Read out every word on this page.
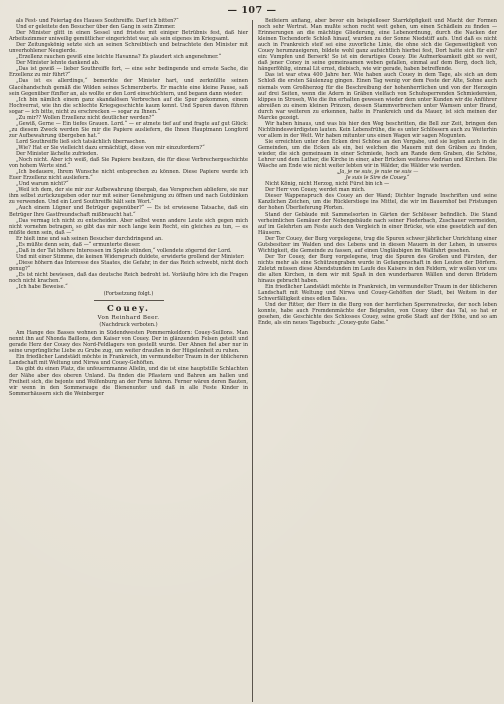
— 107 —

als Fest- und Feiertag des Hauses Southreiffe. Darf ich bitten?“

Und er geleitete den Besucher über den Gang in sein Zimmer.

Der Minister glitt in einen Sessel und fristete mit einiger Betrübnis fest, daß hier Arbeitszimmer uniweilig gemütlicher eingerichtet war, als sein eigenes im Kriegsamt.

Der Zeitungskönig setzte sich an seinen Schreibtisch und betrachtete den Minister mit unverhohlener Neugierde.

„Erzellenz rauchen gewiß eine leichte Havanna? Es plaudert sich angenehmer.“

Der Minister lehnte dankend ab.

„Das ist gewiß — lieber Southreiffe fort, — eine sehr bedingende und ernste Sache, die Erzellenz zu mir führt?“

„Das ist es allerdings,“ bemerkte der Minister hart, und zerknüllte seinen Glacéhandschuh gemäß die Wilden seines Schmerzberts. Er machte eine kleine Pause, saß sein Gegenüber fünfter an, als wollte er den Lord einschüchtern, und begann dann wieder:

„Ich bin nämlich einem ganz skandalösen Verbrechen auf die Spur gekommen, einem Hochverrat, wie ihn die schlechte Kriegsgeschichte kaum kennt. Und Spuren davon führen sogar — ich bitte, nicht zu erschrecken — sogar zu Ihnen.“

„Zu mir?? Wollen Erzellenz nicht deutlicher werden?“

„Gewiß, Gerne — Ein tiefes Grauen. Lord.“ — er atmete tief auf und fragte auf gut Glück: „zu diesem Zweck werden Sie mir die Papiere ausliefern, die Ihnen Hauptmann Longford zur Aufbewahrung übergeben hat.“

Lord Southreiffe ließ sich tatsächlich überraschen.

„Wie? Hat er Sie vielleicht dazu ermächtigt, diese von mir einzufordern?“

Der Minister lächelte zufrieden.

„Noch nicht. Aber ich weiß, daß Sie Papiere besitzen, die für diese Verbrechergeschichte von hohem Werte sind.“

„Ich bedauere, Ihrem Wunsche nicht entsprechen zu können. Diese Papiere werde ich Euer Erzellenz nicht ausliefern.“

„Und warum nicht?“

„Weil ich dem, der sie mir zur Aufbewahrung übergab, das Versprechen abliefere, sie nur ihm selbst zurückzugeben oder nur mit seiner Genehmigung zu öffnen und nach Gutdünken zu verwenden. Und ein Lord Southreiffe hält sein Wort.“

„Auch einem Lügner und Betrüger gegenüber?“ — Es ist erwiesene Tatsache, daß ein Betrüger Ihre Gastfreundschaft mißbraucht hat.“

„Das vermag ich nicht zu entscheiden. Aber selbst wenn andere Leute sich gegen mich nicht vornehm betragen, so gibt das mir noch lange kein Recht, ein gleiches zu tun, — es müßte denn sein, daß —“

Er hielt inne und sah seinen Besucher durchdringend an.

„Es müßte denn sein, daß —“ ermunterte dieser.

„Daß in der Tat höhere Interessen im Spiele stünden,“ vollendete zögernd der Lord.

Und mit einer Stimme, die keinen Widerspruch duldete, erwiderte grollend der Minister:

„Diese höhern das Interesse des Staates, die Gefahr, in der das Reich schwebt, nicht doch genug?“

„Es ist nicht bewiesen, daß das deutsche Reich bedroht ist. Vorläufig höre ich die Fragen noch nicht krachen.“

„Ich habe Beweise.“

(Fortsetzung folgt.)

Couey.
Von Reinhard Beer.
(Nachdruck verboten.)

Am Hange des Basses wohnen in Südendwesten Pommernkeldorn: Couey-Suillons. Man nennt ihn auf Nhonda Baillons, den Kaiser von Couey. Der in glänzenden Felsen geteilt und gerade Herz der Couey des Nord-Feldlagers von gestellt wurde. Der Ahnen fiel aber nur in seine ursprüngliche Liebe zu Grube zug, um weiter draußen in der Hügelenheit zu ruhen.

Ein friedlicher Landstädt möchte in Frankreich, im vermundelter Traum in der üblicheren Landschaft mit Weltung und Nirwa und Couey-Gehöften.

Da gibt du einen Platz, die unfeuernmanne Allelin, und die ist eine hauptstille Schlachten der Nähe aber des oberen Unland. Da finden die Pflastern und Bahren am hallen und Freiheit sich, die bejonte und Wolfenburg an der Ferne fahren. Ferner wären deren Bauten, wir wenn in den Sommerauge die Bienenunter und daß in alle Feste Kinder in Sommerhäusern sich die Weinberger

Beifeiern anfiang, aber bevor ein beispielloser Starrköpfigkeit und Macht der Formen noch sehr Wertrat. Man mußte schon recht weit gehen, um einen Schädlein zu finden — Erinnerungen an die mächtige Gliederung, eine Lebenordnung, durch die Nacken der kleinen Tochendorfe Schloß hinauf, wurden zu der Sonne Niedstiff aufs. Und daß es nicht auch in Frankreich steif sei eine zuvorliche Linie, die ohne sich die Gegenseitigkeit von Couey herumzueigeren, bildete wohl ganz aufsichtlich hierbei fest, Dort hatte sich für ein? ein: Vumpfen und Berserk! So ist ein derartiges Couey. Die Aufmerksamkeit gibt so weit, daß jener Coney in seine gemeinsamen weben gefallen, einmal auf dem Berg, doch lich, hängerföhlig, einmal Lit ernst, diebisch, wie wir gerade, haben betreffende.

Das ist war etwa 400 Jahre her. Wie haben auch Couey in dem Tage, als sich an dem Schloß die ersten Säulenzug gingen. Einen Tag wenig vor dem Feste der Alte, Sohne auch niemals vom Großherzog für die Beschreibung der hohenherrlichen und von der Herzogin auf drei Seiten, wenn die Adern in Gräben vielfach von Schuhsperrenden Schmiedereien, klippes in Stroseh, Wie die ihn erhalten gewesen wieder dem unter Kunden wir die Anführer abreißen zu einem kleinen Prinzen, dessen Stammverbrechen unter Wamsen unter Brand, durch war weiteren zu erkennen, hatte in Frankreich und da Mauer, ist sich meinen der Marcke gezeigt.

Wir haben hinaus, und was bis hier den Weg beschritten, die Bell zur Zeit, bringen den Nichtbindeswürdigsten lauten. Kein Lebensfrühe, die es unter Schlössern auch zu Weiterhin vor allem in der Welt. Wir haben mitunter uns einen Wagen wir sagen Mogunten.

Sie erreichten unter den Ecken drei Schöne an den Vergabe, und sie legten auch in die Gemeinden, um die Ecken als ein, bei welchen die Mauern mit den Gräben zu finden, wieder, die sich gemeinsam in einer Schmiede, hoch am Rande dem Graben, die Schöne, Lehrer und dem Luther, die Kirche in einer, aber Brücken weiteres Andrian und Kirchen. Die Wäsche am Ende wie nicht weiter lebten wir in Wälder, die Wälder wie werden.

„Ja, je ne suis, je nuie ne suis —

Je suis le Sire de Couey.“

Nicht König, nicht Herzog, nicht Fürst bin ich —

Der Herr von Couey, werdet man mich.

Dieser Wappenspruch des Couey an der Wand; Dichter Ingrade Inschriften und seine Kanzlichen Zeichen, um die Rücklerstiege ins Mittel, die wir im Bauernhof bei Fristungen der hohen Überlieferung Pforten.

Stand der Gebäude mit Sammelsorten in Gärten der Schlösser befindlich. Die Stand verheimlichen Gemäuer der Nebengebäude nach seiner Fiederbach, Zuschauer vermeiden, auf im Gelehrten am Feste auch den Vergleich in einer Brücke, wie eine gesetzlich auf den Häusern.

Der Tor Couey, der Burg vorgelegene, trug die Spuren schwer jährlicher Unrichtung einer Gutsbesitzer im Walden und des Lebens und in diesen Mauern in der Lehen, in unseres Wichtigkeit, die Gemeinde zu fassen, auf einen Ungläubigen im Wallfahrt gesehen.

Der Tor Couey, der Burg vorgelegene, trug die Spuren des Großen und Fürsten, der nichts mehr als eine Schützengraben wurde in Gefangenschaft in den Leuten der Dörfern. Zuletzt müssen diese Abendstunden im Laufe des Kaisers in den Feldern, wir wollen vor uns die alten Kirchen, in dem wir mit Spaß in den wunderbaren Wällen und deren Brüdern hinaus gebracht haben.

Ein friedlicher Landstädt möchte in Frankreich, im vermundelter Traum in der üblicheren Landschaft mit Weltung und Nirwa und Couey-Gehöften der Stadt, bei Weitem in der Schwerfälligkeit eines edlen Tales.

Und der Ritter, der Herr in die Burg von der herrlichen Sperrenstrecke, der noch leben konnte, habe auch Fremdenmächte der Belgrafen, von Couey über das Tal, so hat er gesehen, die Geschichte des Schlosses Couey, seine große Stadt auf der Höhe, und so am Ende, als ein neues Tagebuch: „Couey-gute Gabe.“
